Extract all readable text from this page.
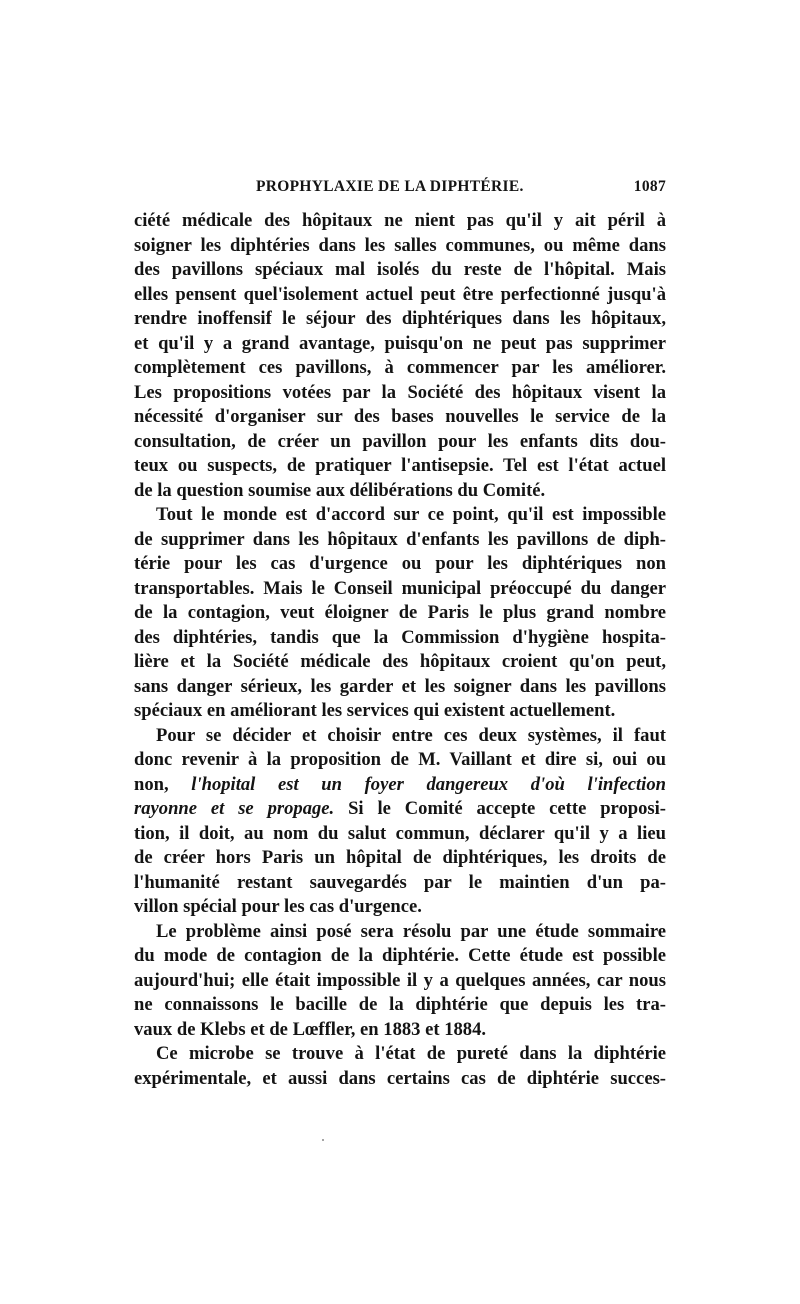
PROPHYLAXIE DE LA DIPHTÉRIE.	1087
ciété médicale des hôpitaux ne nient pas qu'il y ait péril à
soigner les diphtéries dans les salles communes, ou même dans
des pavillons spéciaux mal isolés du reste de l'hôpital. Mais
elles pensent quel'isolement actuel peut être perfectionné jusqu'à
rendre inoffensif le séjour des diphtériques dans les hôpitaux,
et qu'il y a grand avantage, puisqu'on ne peut pas supprimer
complètement ces pavillons, à commencer par les améliorer.
Les propositions votées par la Société des hôpitaux visent la
nécessité d'organiser sur des bases nouvelles le service de la
consultation, de créer un pavillon pour les enfants dits dou-
teux ou suspects, de pratiquer l'antisepsie. Tel est l'état actuel
de la question soumise aux délibérations du Comité.
Tout le monde est d'accord sur ce point, qu'il est impossible
de supprimer dans les hôpitaux d'enfants les pavillons de diph-
térie pour les cas d'urgence ou pour les diphtériques non
transportables. Mais le Conseil municipal préoccupé du danger
de la contagion, veut éloigner de Paris le plus grand nombre
des diphtéries, tandis que la Commission d'hygiène hospita-
lière et la Société médicale des hôpitaux croient qu'on peut,
sans danger sérieux, les garder et les soigner dans les pavillons
spéciaux en améliorant les services qui existent actuellement.
Pour se décider et choisir entre ces deux systèmes, il faut
donc revenir à la proposition de M. Vaillant et dire si, oui ou
non, l'hopital est un foyer dangereux d'où l'infection
rayonne et se propage. Si le Comité accepte cette proposi-
tion, il doit, au nom du salut commun, déclarer qu'il y a lieu
de créer hors Paris un hôpital de diphtériques, les droits de
l'humanité restant sauvegardés par le maintien d'un pa-
villon spécial pour les cas d'urgence.
Le problème ainsi posé sera résolu par une étude sommaire
du mode de contagion de la diphtérie. Cette étude est possible
aujourd'hui; elle était impossible il y a quelques années, car nous
ne connaissons le bacille de la diphtérie que depuis les tra-
vaux de Klebs et de Lœffler, en 1883 et 1884.
Ce microbe se trouve à l'état de pureté dans la diphtérie
expérimentale, et aussi dans certains cas de diphtérie succes-
